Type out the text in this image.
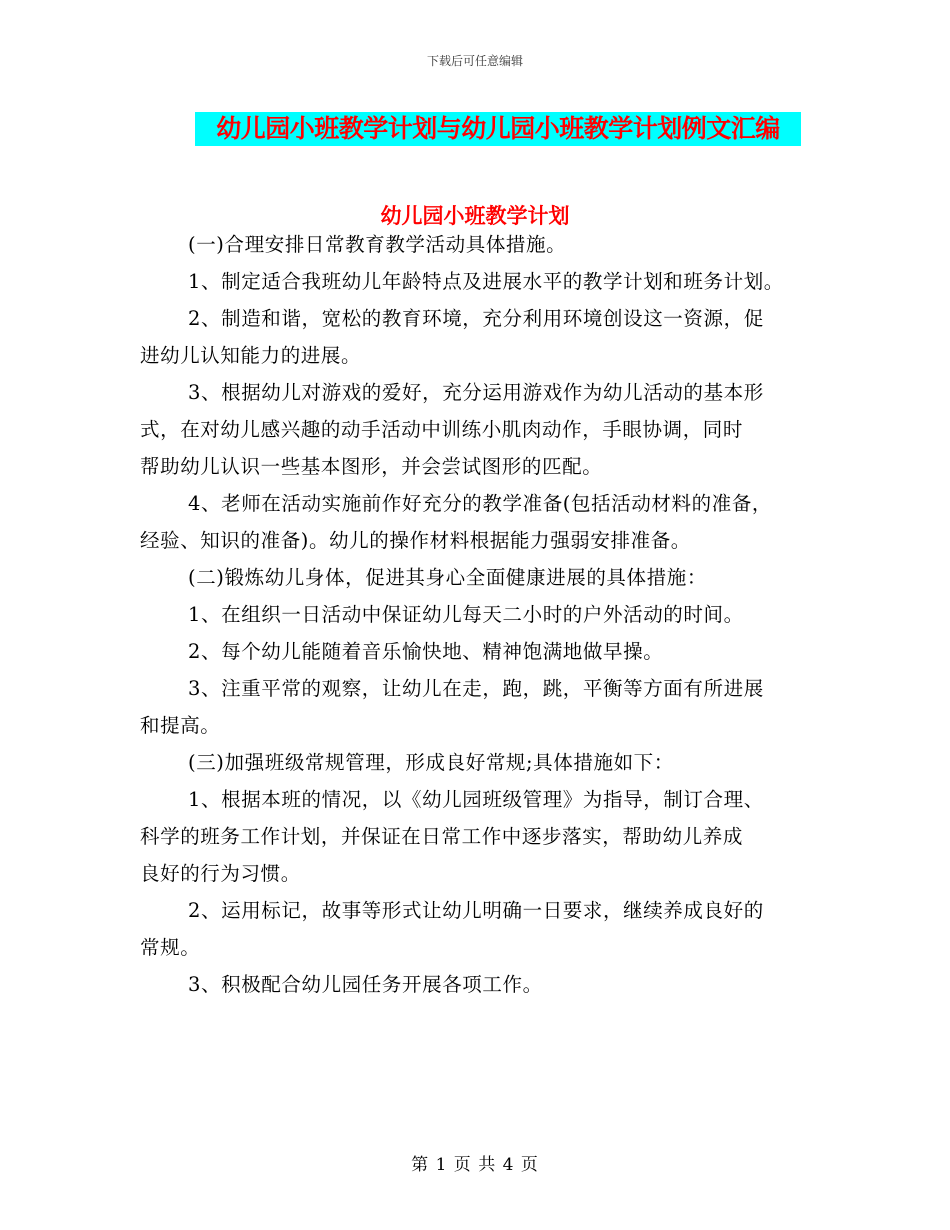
下载后可任意编辑
幼儿园小班教学计划与幼儿园小班教学计划例文汇编
幼儿园小班教学计划

(一)合理安排日常教育教学活动具体措施。

1、制定适合我班幼儿年龄特点及进展水平的教学计划和班务计划。

2、制造和谐，宽松的教育环境，充分利用环境创设这一资源，促
进幼儿认知能力的进展。

3、根据幼儿对游戏的爱好，充分运用游戏作为幼儿活动的基本形
式，在对幼儿感兴趣的动手活动中训练小肌肉动作，手眼协调，同时
帮助幼儿认识一些基本图形，并会尝试图形的匹配。

4、老师在活动实施前作好充分的教学准备(包括活动材料的准备，
经验、知识的准备)。幼儿的操作材料根据能力强弱安排准备。

(二)锻炼幼儿身体，促进其身心全面健康进展的具体措施：

1、在组织一日活动中保证幼儿每天二小时的户外活动的时间。

2、每个幼儿能随着音乐愉快地、精神饱满地做早操。

3、注重平常的观察，让幼儿在走，跑，跳，平衡等方面有所进展
和提高。

(三)加强班级常规管理，形成良好常规;具体措施如下：

1、根据本班的情况，以《幼儿园班级管理》为指导，制订合理、
科学的班务工作计划，并保证在日常工作中逐步落实，帮助幼儿养成
良好的行为习惯。

2、运用标记，故事等形式让幼儿明确一日要求，继续养成良好的
常规。

3、积极配合幼儿园任务开展各项工作。

第 1 页 共 4 页
